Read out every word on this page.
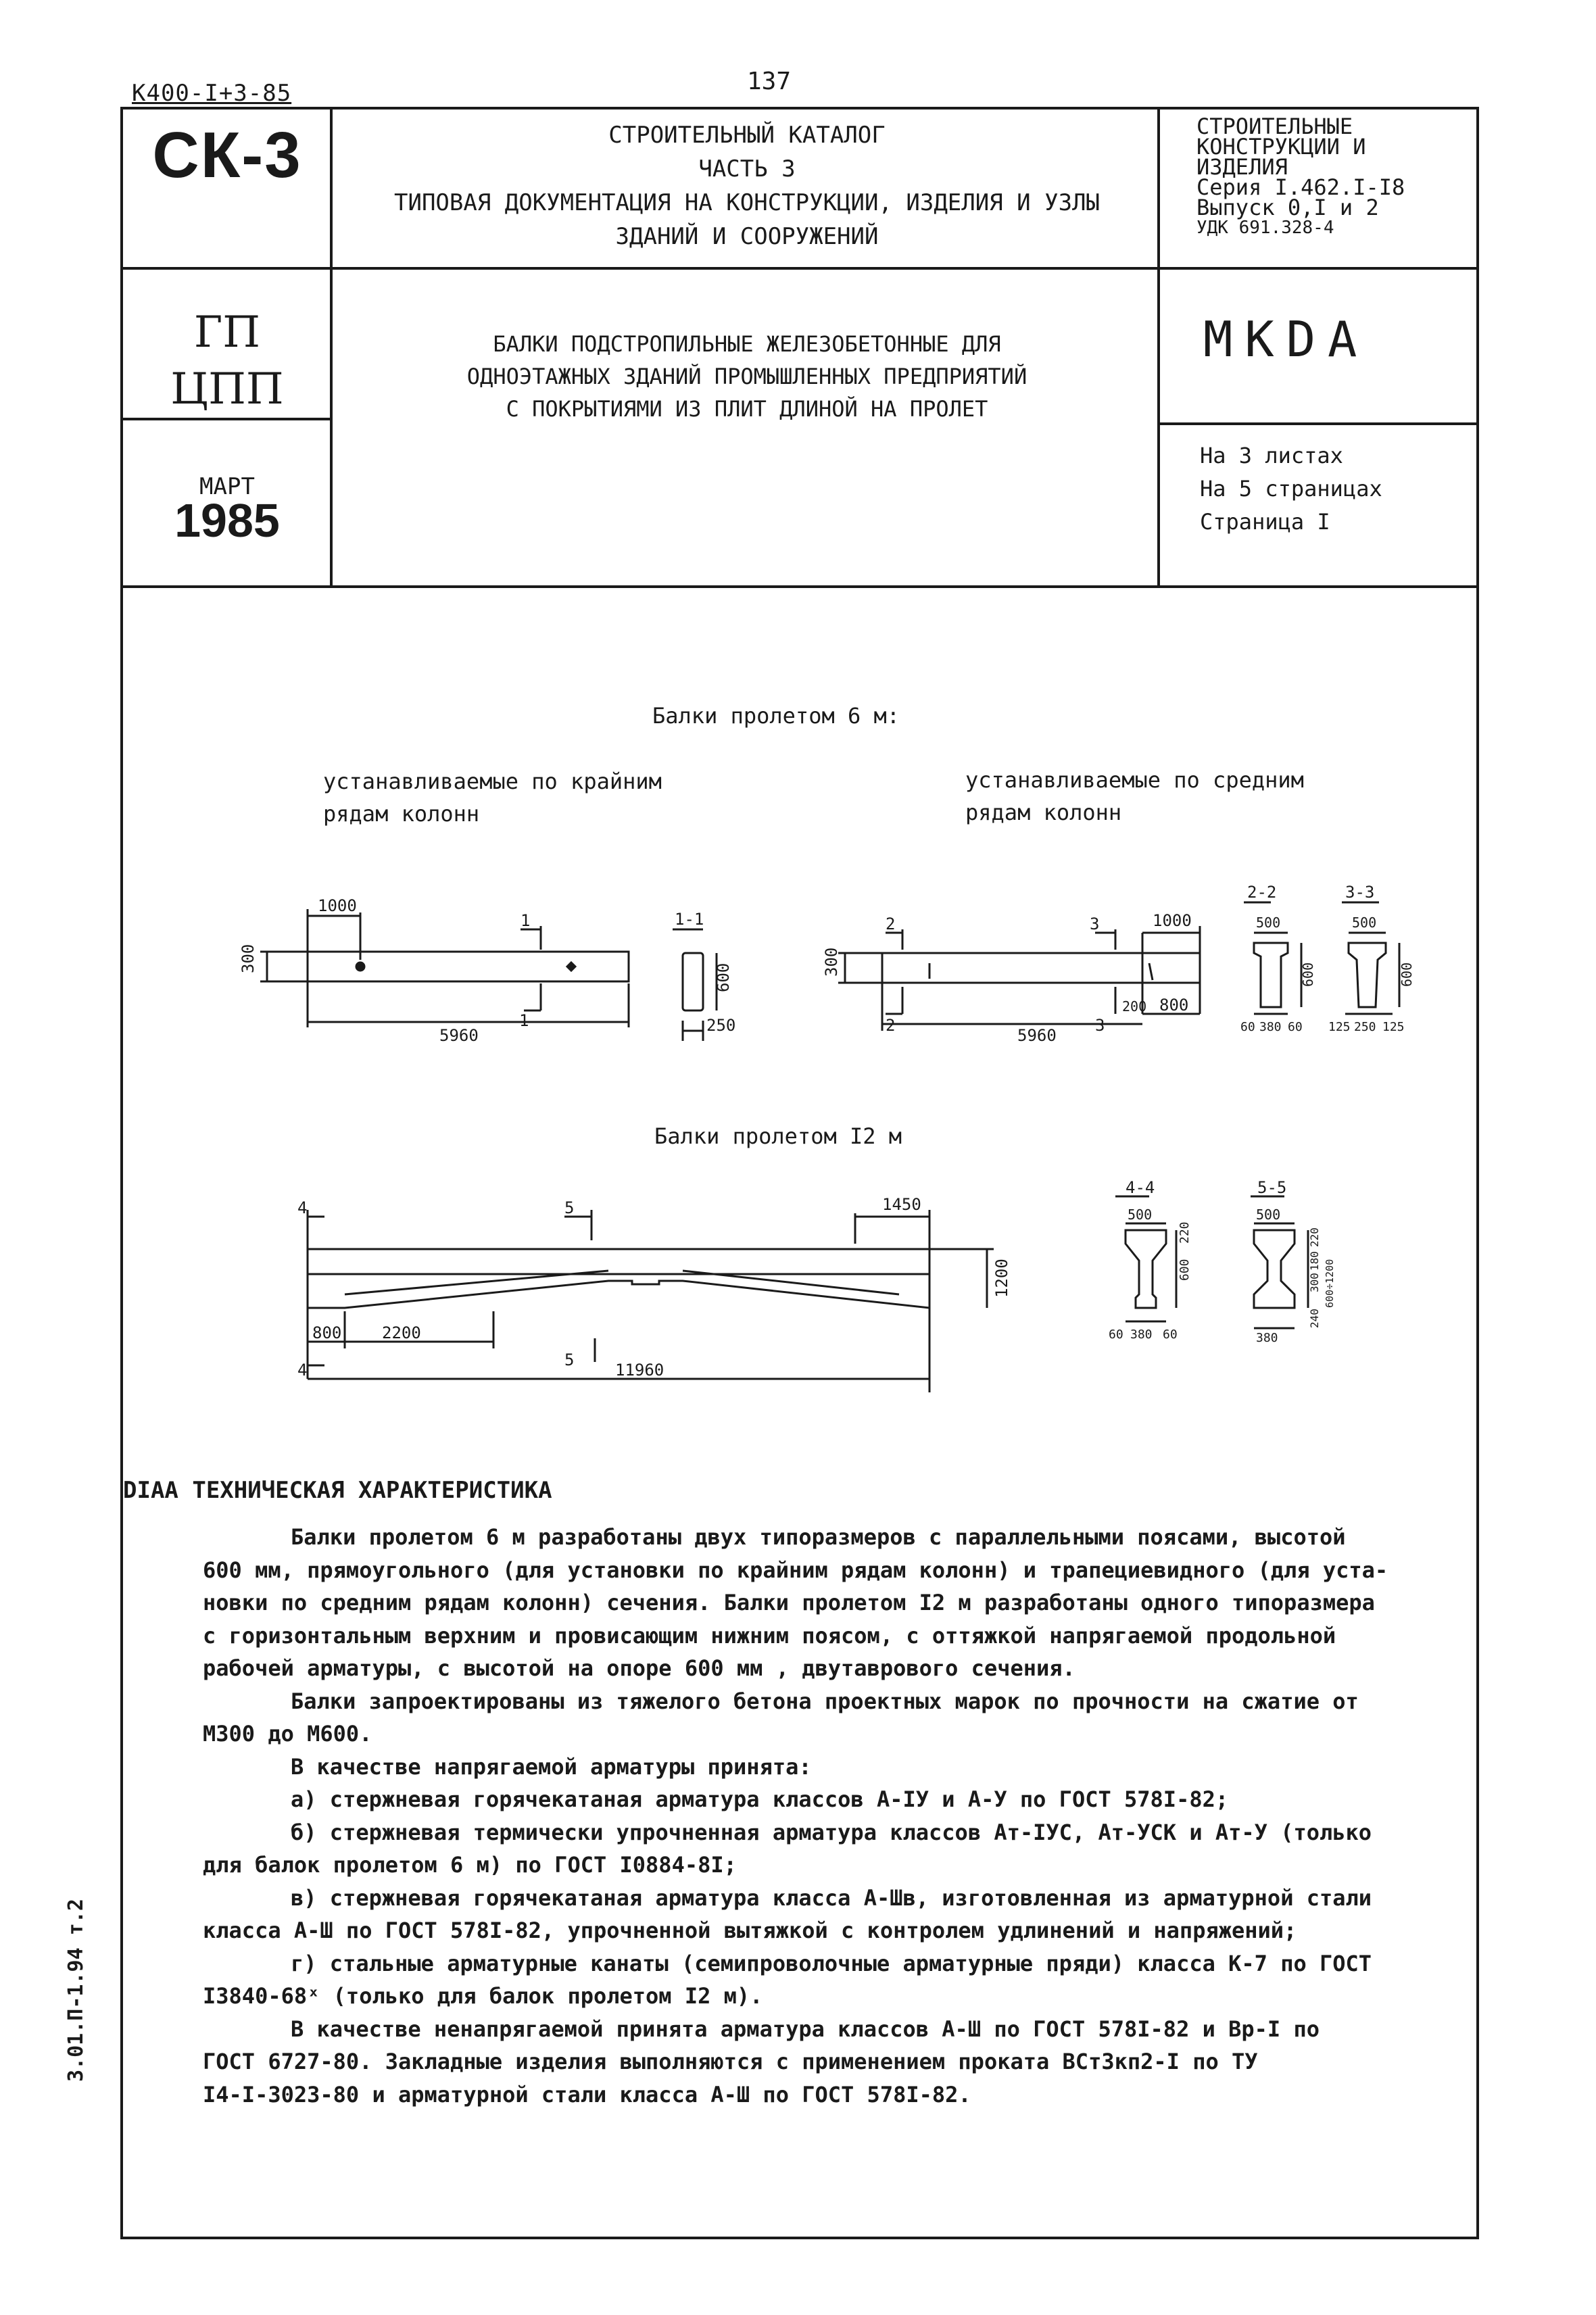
К400-I+3-85	137
СК-3	СТРОИТЕЛЬНЫЙ КАТАЛОГ
ЧАСТЬ 3
ТИПОВАЯ ДОКУМЕНТАЦИЯ НА КОНСТРУКЦИИ, ИЗДЕЛИЯ И УЗЛЫ
ЗДАНИЙ И СООРУЖЕНИЙ
СТРОИТЕЛЬНЫЕ
КОНСТРУКЦИИ И
ИЗДЕЛИЯ
Серия I.462.I-I8
Выпуск 0,I и 2
УДК 691.328-4
ГП
ЦПП
МАРТ
1985
БАЛКИ ПОДСТРОПИЛЬНЫЕ ЖЕЛЕЗОБЕТОННЫЕ ДЛЯ
ОДНОЭТАЖНЫХ ЗДАНИЙ ПРОМЫШЛЕННЫХ ПРЕДПРИЯТИЙ
С ПОКРЫТИЯМИ ИЗ ПЛИТ ДЛИНОЙ НА ПРОЛЕТ
МКDА
На 3 листах
На 5 страницах
Страница I
Балки пролетом 6 м:
устанавливаемые по крайним
рядам колонн
устанавливаемые по средним
рядам колонн
Балки пролетом I2 м
1000
5960
300
1
1
1-1
600
250
5960
1000
300
200 800
2
2
3
3
2-2
500
600
60 380 60
3-3
500
600
125 250 125
4
4
5
5
1450
1200
800 2200
11960
4-4
500
220
600
60 380 60
5-5
500
220
180
300
240
600÷1200
380
DIАА ТЕХНИЧЕСКАЯ ХАРАКТЕРИСТИКА
Балки пролетом 6 м разработаны двух типоразмеров с параллельными поясами, высотой
600 мм, прямоугольного (для установки по крайним рядам колонн) и трапециевидного (для уста-
новки по средним рядам колонн) сечения. Балки пролетом I2 м разработаны одного типоразмера
с горизонтальным верхним и провисающим нижним поясом, с оттяжкой напрягаемой продольной
рабочей арматуры, с высотой на опоре 600 мм , двутаврового сечения.
Балки запроектированы из тяжелого бетона проектных марок по прочности на сжатие от
М300 до М600.
В качестве напрягаемой арматуры принята:
а) стержневая горячекатаная арматура классов А-IУ и А-У по ГОСТ 578I-82;
б) стержневая термически упрочненная арматура классов Ат-IУС, Ат-УСК и Ат-У (только
для балок пролетом 6 м) по ГОСТ I0884-8I;
в) стержневая горячекатаная арматура класса А-Шв, изготовленная из арматурной стали
класса А-Ш по ГОСТ 578I-82, упрочненной вытяжкой с контролем удлинений и напряжений;
г) стальные арматурные канаты (семипроволочные арматурные пряди) класса К-7 по ГОСТ
I3840-68ˣ (только для балок пролетом I2 м).
В качестве ненапрягаемой принята арматура классов А-Ш по ГОСТ 578I-82 и Вр-I по
ГОСТ 6727-80. Закладные изделия выполняются с применением проката ВСт3кп2-I по ТУ
I4-I-3023-80 и арматурной стали класса А-Ш по ГОСТ 578I-82.
3.01.П-1.94 т.2
